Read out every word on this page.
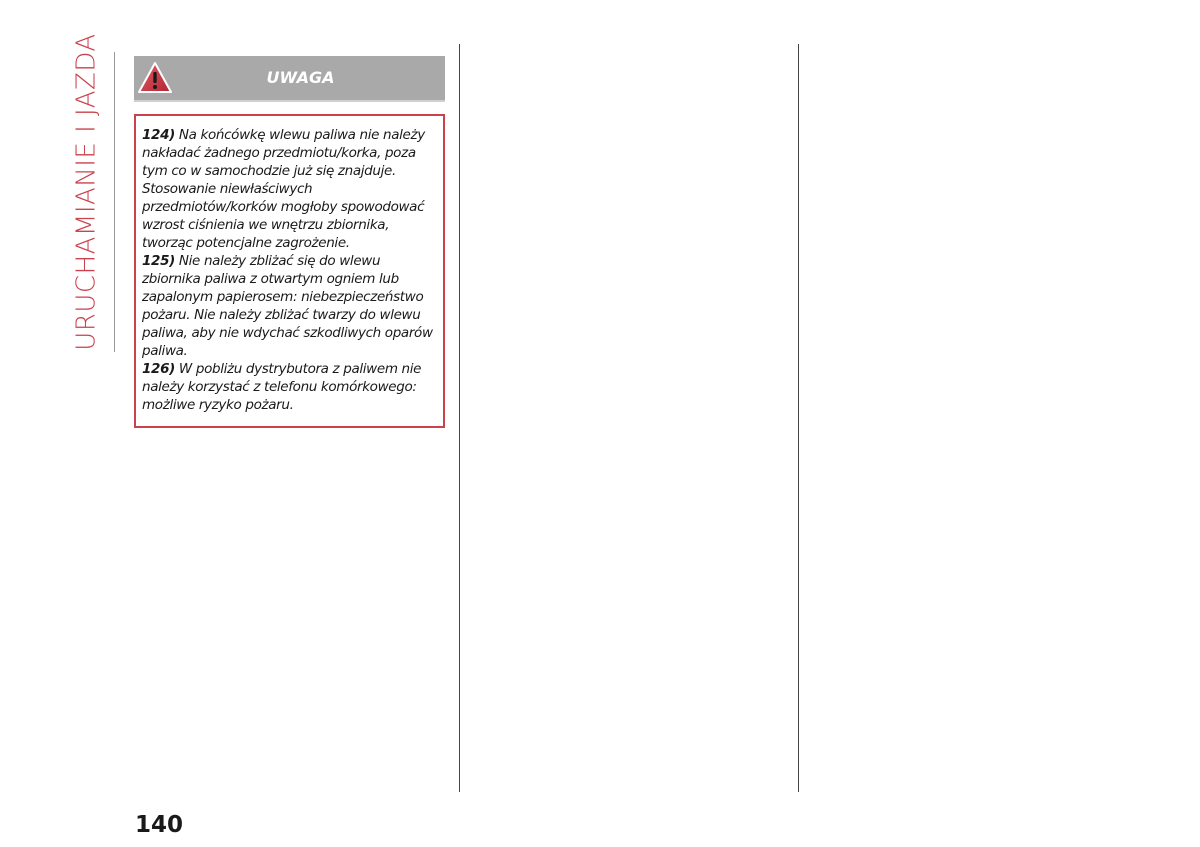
URUCHAMIANIE I JAZDA	UWAGA

124) Na końcówkę wlewu paliwa nie należy nakładać żadnego przedmiotu/korka, poza tym co w samochodzie już się znajduje. Stosowanie niewłaściwych przedmiotów/korków mogłoby spowodować wzrost ciśnienia we wnętrzu zbiornika, tworząc potencjalne zagrożenie.

125) Nie należy zbliżać się do wlewu zbiornika paliwa z otwartym ogniem lub zapalonym papierosem: niebezpieczeństwo pożaru. Nie należy zbliżać twarzy do wlewu paliwa, aby nie wdychać szkodliwych oparów paliwa.

126) W pobliżu dystrybutora z paliwem nie należy korzystać z telefonu komórkowego: możliwe ryzyko pożaru.

140
